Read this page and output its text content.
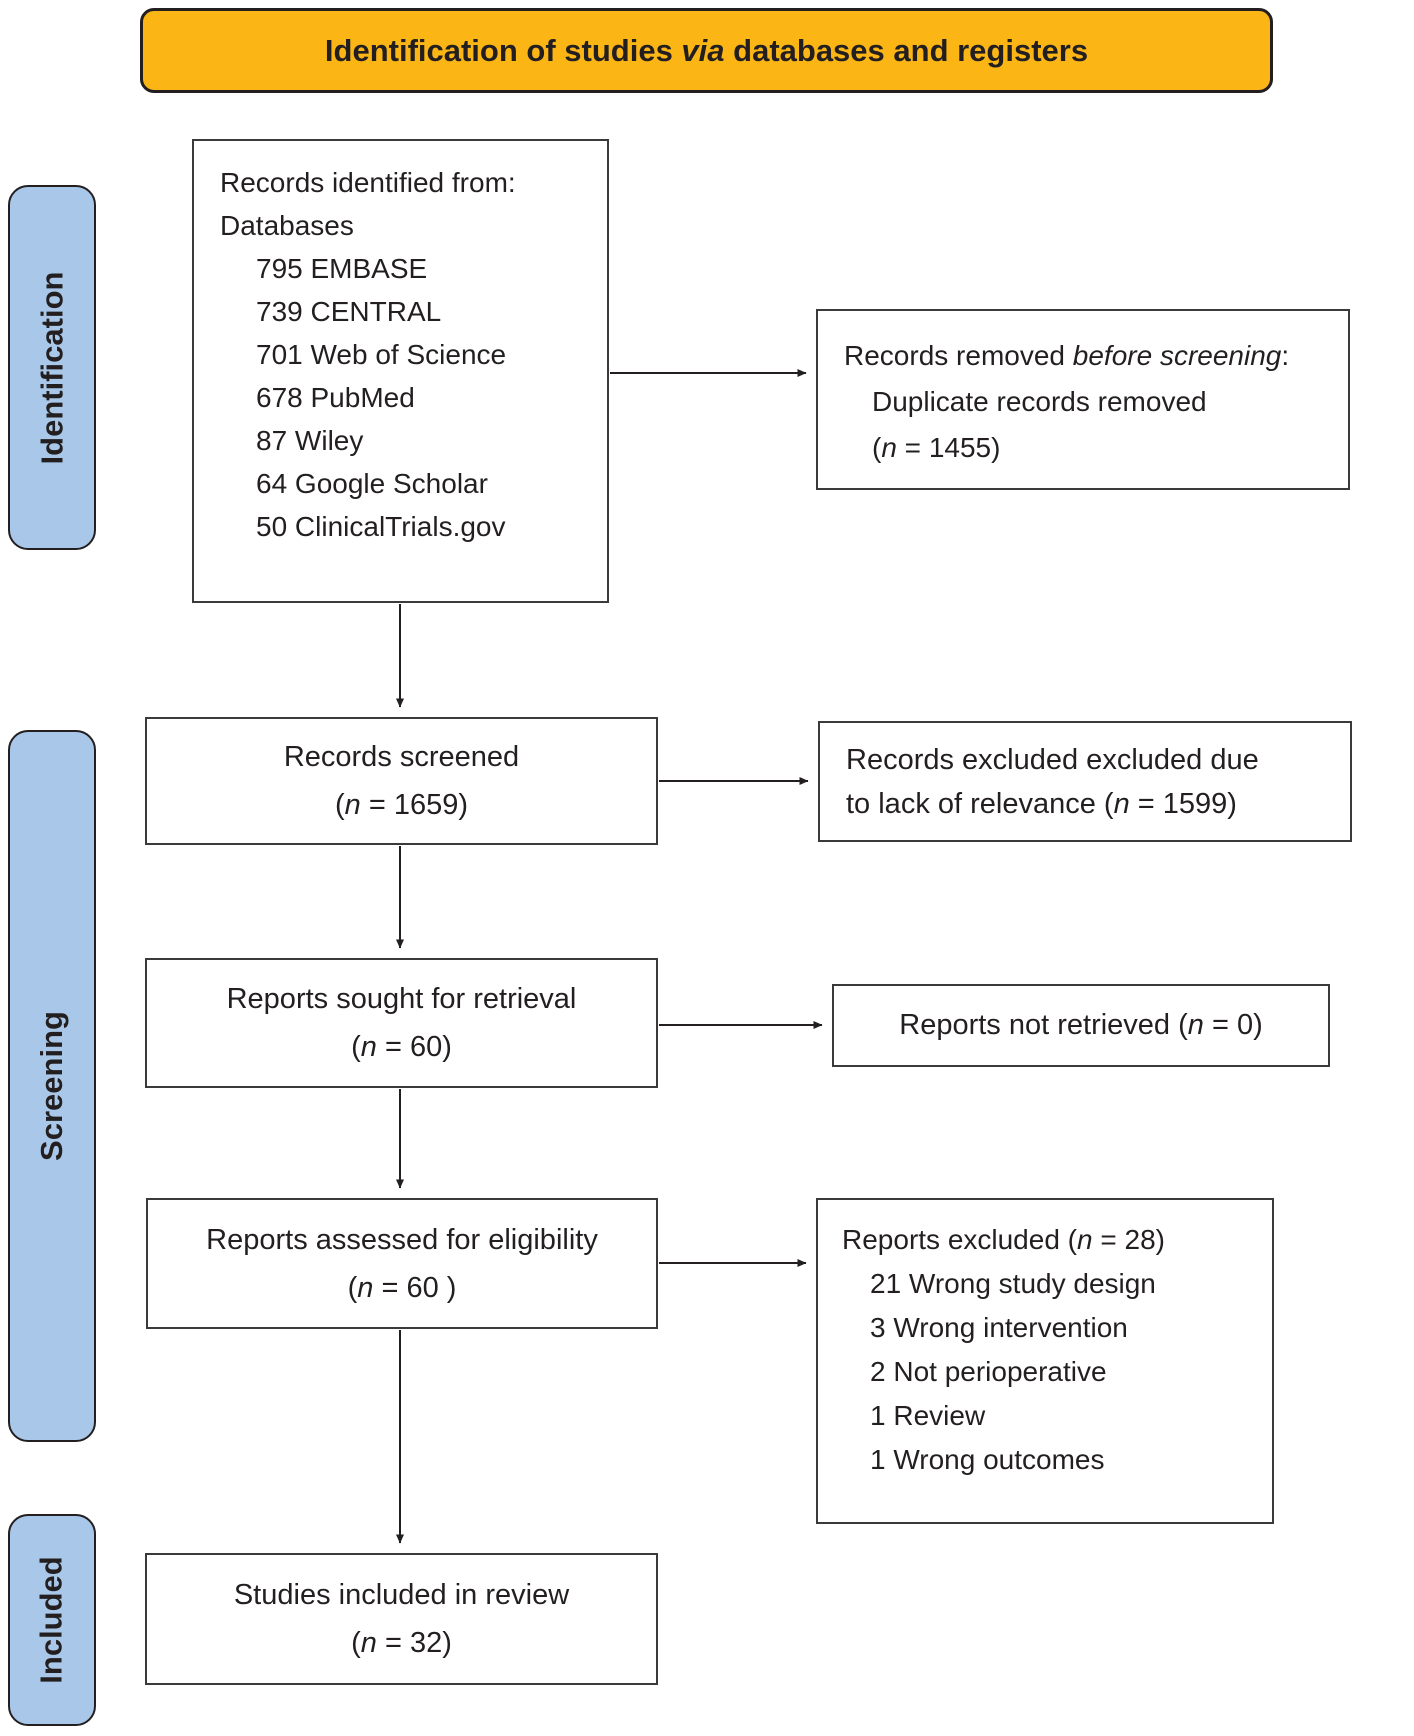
Identification of studies via databases and registers
Identification
Screening
Included
Records identified from:
Databases
795 EMBASE
739 CENTRAL
701 Web of Science
678 PubMed
87 Wiley
64 Google Scholar
50 ClinicalTrials.gov
Records removed before screening:
Duplicate records removed
(n = 1455)
Records screened
(n = 1659)
Records excluded excluded due
to lack of relevance (n = 1599)
Reports sought for retrieval
(n = 60)
Reports not retrieved (n = 0)
Reports assessed for eligibility
(n = 60 )
Reports excluded (n = 28)
21 Wrong study design
3 Wrong intervention
2 Not perioperative
1 Review
1 Wrong outcomes
Studies included in review
(n = 32)
